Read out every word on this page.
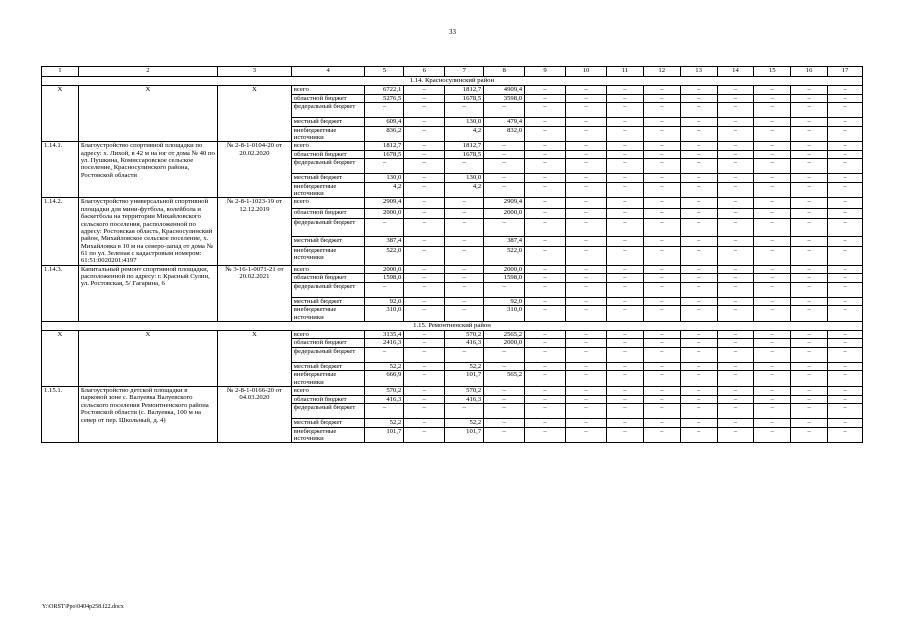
33
1	2	3	4	5	6	7	8	9	10	11	12	13	14	15	16	17
1.14. Красносулинский район																
X	X	X	всего	6722,1	–	1812,7	4909,4	–	–	–	–	–	–	–	–	–
			областной бюджет	5276,5	–	1678,5	3598,0	–	–	–	–	–	–	–	–	–
			федеральный бюджет	–	–	–	–	–	–	–	–	–	–	–	–	–
			местный бюджет	609,4	–	130,0	479,4	–	–	–	–	–	–	–	–	–
			внебюджетные источники	836,2	–	4,2	832,0	–	–	–	–	–	–	–	–	–
1.14.1.	Благоустройство спортивной площадки по адресу: х. Лихой, в 42 м на юг от дома № 40 по ул. Пушкина, Комиссаровское сельское поселение, Красносулинского района, Ростовской области	№ 2-8-1-0104-20 от 20.02.2020	всего	1812,7	–	1812,7	–	–	–	–	–	–	–	–	–	–
			областной бюджет	1678,5	–	1678,5	–	–	–	–	–	–	–	–	–	–
			федеральный бюджет	–	–	–	–	–	–	–	–	–	–	–	–	–
			местный бюджет	130,0	–	130,0	–	–	–	–	–	–	–	–	–	–
			внебюджетные источники	4,2	–	4,2	–	–	–	–	–	–	–	–	–	–
1.14.2.	Благоустройство универсальной спортивной площадки для мини-футбола, волейбола и баскетбола на территории Михайловского сельского поселения, расположенной по адресу: Ростовская область, Красносулинский район, Михайловское сельское поселение, х. Михайловка в 10 м на северо-запад от дома № 61 по ул. Зеленая с кадастровым номером: 61:51:0020201:4197	№ 2-8-1-1023-19 от 12.12.2019	всего	2909,4	–	–	2909,4	–	–	–	–	–	–	–	–	–
			областной бюджет	2000,0	–	–	2000,0	–	–	–	–	–	–	–	–	–
			федеральный бюджет	–	–	–	–	–	–	–	–	–	–	–	–	–
			местный бюджет	387,4	–	–	387,4	–	–	–	–	–	–	–	–	–
			внебюджетные источники	522,0	–	–	522,0	–	–	–	–	–	–	–	–	–
1.14.3.	Капитальный ремонт спортивной площадки, расположенной по адресу: г. Красный Сулин, ул. Ростовская, 5/ Гагарина, 6	№ 3-16-1-0071-21 от 20.02.2021	всего	2000,0	–	–	2000,0	–	–	–	–	–	–	–	–	–
			областной бюджет	1598,0	–	–	1598,0	–	–	–	–	–	–	–	–	–
			федеральный бюджет	–	–	–	–	–	–	–	–	–	–	–	–	–
			местный бюджет	92,0	–	–	92,0	–	–	–	–	–	–	–	–	–
			внебюджетные источники	310,0	–	–	310,0	–	–	–	–	–	–	–	–	–
1.15. Ремонтненский район																
X	X	X	всего	3135,4	–	570,2	2565,2	–	–	–	–	–	–	–	–	–
			областной бюджет	2416,3	–	416,3	2000,0	–	–	–	–	–	–	–	–	–
			федеральный бюджет	–	–	–	–	–	–	–	–	–	–	–	–	–
			местный бюджет	52,2	–	52,2	–	–	–	–	–	–	–	–	–	–
			внебюджетные источники	666,9	–	101,7	565,2	–	–	–	–	–	–	–	–	–
1.15.1.	Благоустройство детской площадки в парковой зоне с. Валуевка Валуевского сельского поселения Ремонтненского района Ростовской области (с. Валуевка, 100 м на север от пер. Школьный, д. 4)	№ 2-8-1-0166-20 от 04.03.2020	всего	570,2	–	570,2	–	–	–	–	–	–	–	–	–	–
			областной бюджет	416,3	–	416,3	–	–	–	–	–	–	–	–	–	–
			федеральный бюджет	–	–	–	–	–	–	–	–	–	–	–	–	–
			местный бюджет	52,2	–	52,2	–	–	–	–	–	–	–	–	–	–
			внебюджетные источники	101,7	–	101,7	–	–	–	–	–	–	–	–	–	–
Y:\ORST\Ppo\0404p258.f22.docx
